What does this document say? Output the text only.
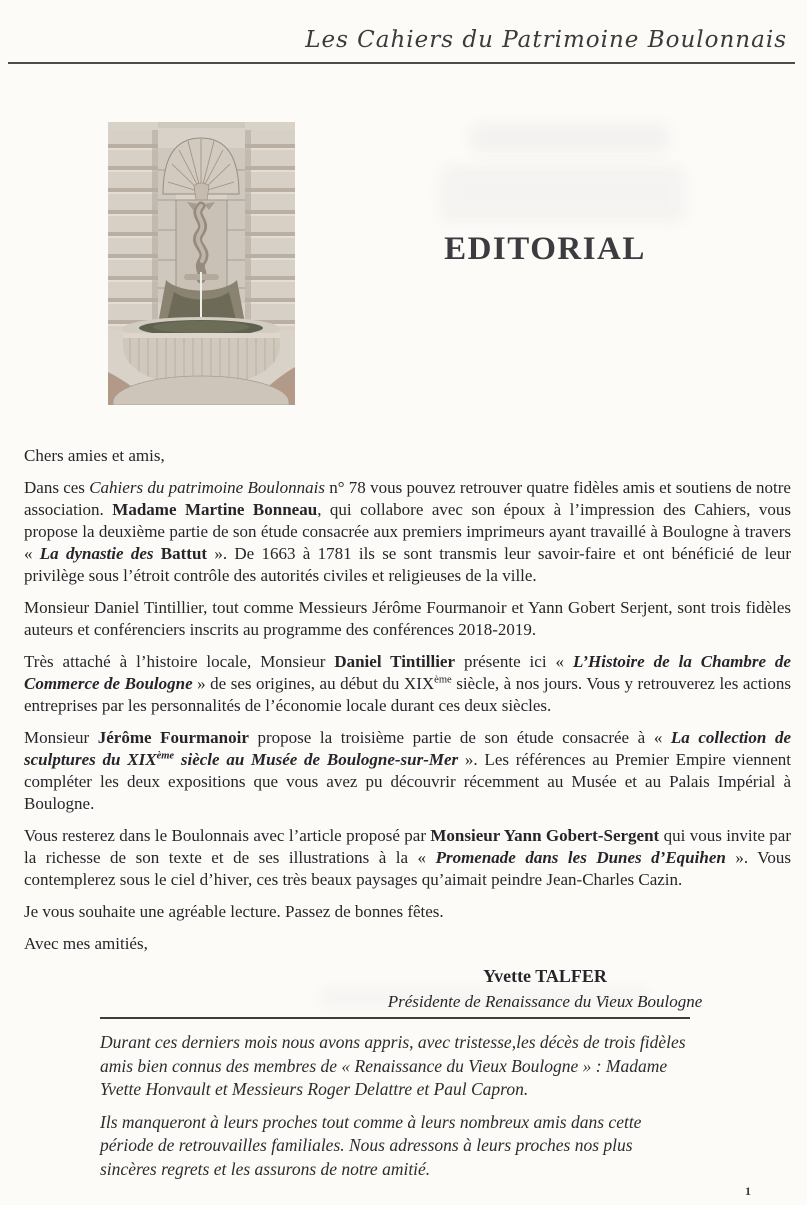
Les Cahiers du Patrimoine Boulonnais
EDITORIAL

Chers amies et amis,

Dans ces Cahiers du patrimoine Boulonnais n° 78 vous pouvez retrouver quatre fidèles amis et soutiens de notre association. Madame Martine Bonneau, qui collabore avec son époux à l’impression des Cahiers, vous propose la deuxième partie de son étude consacrée aux premiers imprimeurs ayant travaillé à Boulogne à travers « La dynastie des Battut ». De 1663 à 1781 ils se sont transmis leur savoir-faire et ont bénéficié de leur privilège sous l’étroit contrôle des autorités civiles et religieuses de la ville.

Monsieur Daniel Tintillier, tout comme Messieurs Jérôme Fourmanoir et Yann Gobert Serjent, sont trois fidèles auteurs et conférenciers inscrits au programme des conférences 2018-2019.

Très attaché à l’histoire locale, Monsieur Daniel Tintillier présente ici « L’Histoire de la Chambre de Commerce de Boulogne » de ses origines, au début du XIXème siècle, à nos jours. Vous y retrouverez les actions entreprises par les personnalités de l’économie locale durant ces deux siècles.

Monsieur Jérôme Fourmanoir propose la troisième partie de son étude consacrée à « La collection de sculptures du XIXème siècle au Musée de Boulogne-sur-Mer ». Les références au Premier Empire viennent compléter les deux expositions que vous avez pu découvrir récemment au Musée et au Palais Impérial à Boulogne.

Vous resterez dans le Boulonnais avec l’article proposé par Monsieur Yann Gobert-Sergent qui vous invite par la richesse de son texte et de ses illustrations à la « Promenade dans les Dunes d’Equihen ». Vous contemplerez sous le ciel d’hiver, ces très beaux paysages qu’aimait peindre Jean-Charles Cazin.

Je vous souhaite une agréable lecture. Passez de bonnes fêtes.

Avec mes amitiés,

Yvette TALFER
Présidente de Renaissance du Vieux Boulogne

Durant ces derniers mois nous avons appris, avec tristesse,les décès de trois fidèles amis bien connus des membres de « Renaissance du Vieux Boulogne » : Madame Yvette Honvault et Messieurs Roger Delattre et Paul Capron.

Ils manqueront à leurs proches tout comme à leurs nombreux amis dans cette période de retrouvailles familiales. Nous adressons à leurs proches nos plus sincères regrets et les assurons de notre amitié.

1
